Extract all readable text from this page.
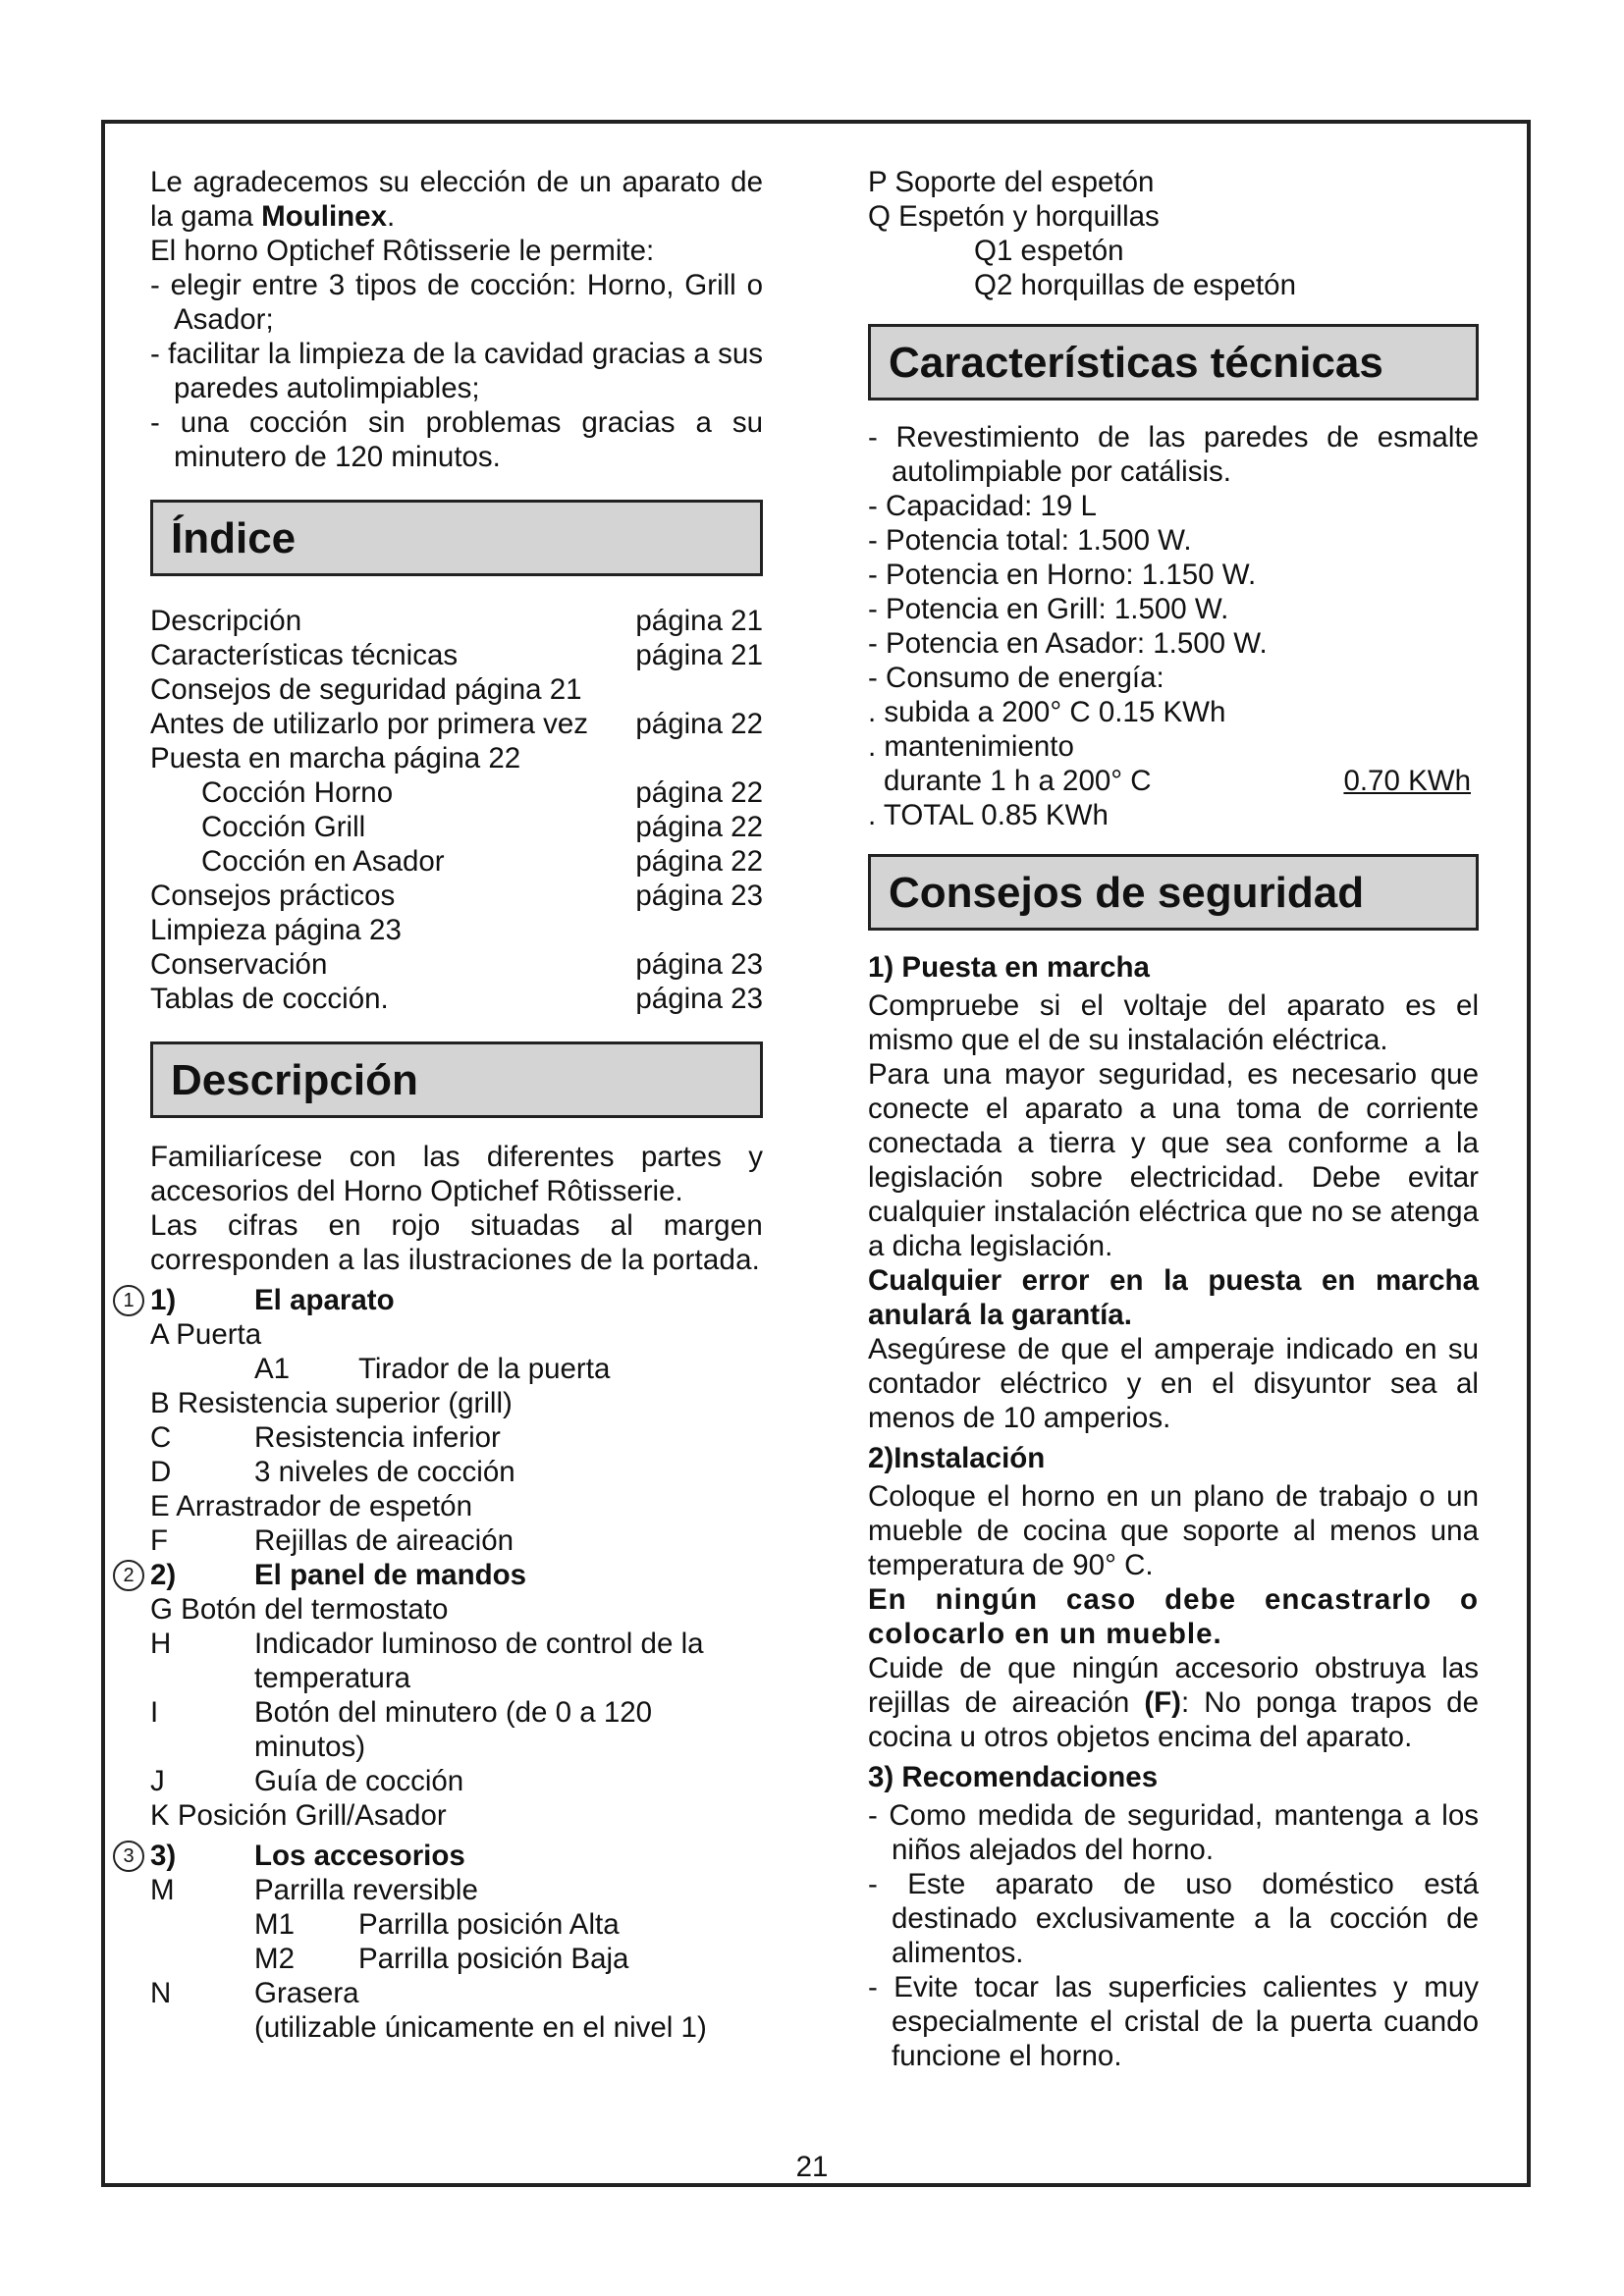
Le agradecemos su elección de un aparato de la gama Moulinex.

El horno Optichef Rôtisserie le permite:

- elegir entre 3 tipos de cocción: Horno, Grill o Asador;

- facilitar la limpieza de la cavidad gracias a sus paredes autolimpiables;

- una cocción sin problemas gracias a su minutero de 120 minutos.

Índice
Descripción	página 21
Características técnicas	página 21
Consejos de seguridad página 21
Antes de utilizarlo por primera vez página 22
Puesta en marcha página 22
Cocción Horno	página 22
Cocción Grill	página 22
Cocción en Asador	página 22
Consejos prácticos	página 23
Limpieza página 23
Conservación	página 23
Tablas de cocción.	página 23
Descripción

Familiarícese con las diferentes partes y accesorios del Horno Optichef Rôtisserie.

Las cifras en rojo situadas al margen corresponden a las ilustraciones de la portada.

1 1)	El aparato

A Puerta

A1	Tirador de la puerta

B Resistencia superior (grill)

C	Resistencia inferior
D	3 niveles de cocción

E Arrastrador de espetón

F	Rejillas de aireación
2 2)	El panel de mandos

G Botón del termostato

H	Indicador luminoso de control de la temperatura
I	Botón del minutero (de 0 a 120 minutos)
J	Guía de cocción

K Posición Grill/Asador

3 3)	Los accesorios
M	Parrilla reversible
M1	Parrilla posición Alta
M2	Parrilla posición Baja
N	Grasera

(utilizable únicamente en el nivel 1)

P Soporte del espetón

Q Espetón y horquillas

Q1 espetón

Q2 horquillas de espetón

Características técnicas

- Revestimiento de las paredes de esmalte autolimpiable por catálisis.

- Capacidad: 19 L

- Potencia total: 1.500 W.

- Potencia en Horno: 1.150 W.

- Potencia en Grill: 1.500 W.

- Potencia en Asador: 1.500 W.

- Consumo de energía:

. subida a 200° C 0.15 KWh

. mantenimiento

durante 1 h a 200° C	0.70 KWh

. TOTAL 0.85 KWh

Consejos de seguridad

1) Puesta en marcha

Compruebe si el voltaje del aparato es el mismo que el de su instalación eléctrica.

Para una mayor seguridad, es necesario que conecte el aparato a una toma de corriente conectada a tierra y que sea conforme a la legislación sobre electricidad. Debe evitar cualquier instalación eléctrica que no se atenga a dicha legislación.

Cualquier error en la puesta en marcha anulará la garantía.

Asegúrese de que el amperaje indicado en su contador eléctrico y en el disyuntor sea al menos de 10 amperios.

2)Instalación

Coloque el horno en un plano de trabajo o un mueble de cocina que soporte al menos una temperatura de 90° C.

En ningún caso debe encastrarlo o colocarlo en un mueble.

Cuide de que ningún accesorio obstruya las rejillas de aireación (F): No ponga trapos de cocina u otros objetos encima del aparato.

3) Recomendaciones

- Como medida de seguridad, mantenga a los niños alejados del horno.

- Este aparato de uso doméstico está destinado exclusivamente a la cocción de alimentos.

- Evite tocar las superficies calientes y muy especialmente el cristal de la puerta cuando funcione el horno.

21
